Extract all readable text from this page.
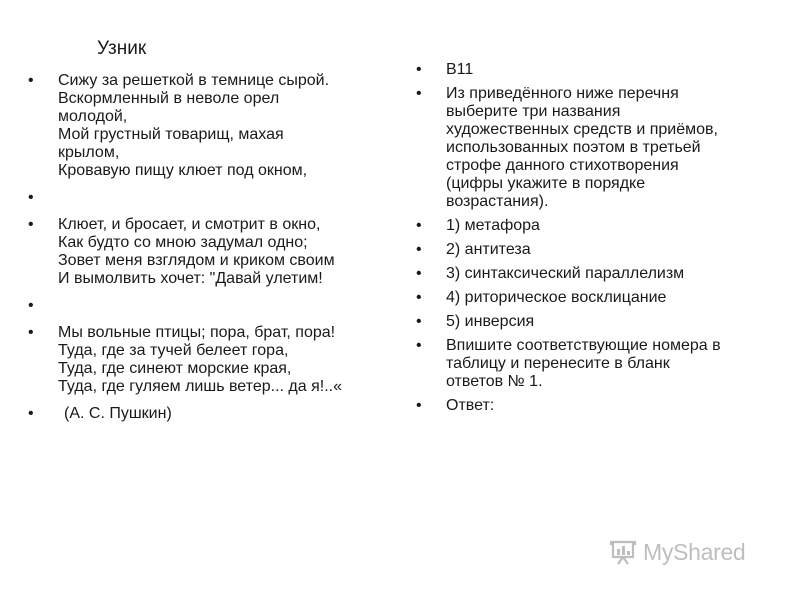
Узник
• Сижу за решеткой в темнице сырой.
Вскормленный в неволе орел
молодой,
Мой грустный товарищ, махая
крылом,
Кровавую пищу клюет под окном,
•
• Клюет, и бросает, и смотрит в окно,
Как будто со мною задумал одно;
Зовет меня взглядом и криком своим
И вымолвить хочет: "Давай улетим!
•
• Мы вольные птицы; пора, брат, пора!
Туда, где за тучей белеет гора,
Туда, где синеют морские края,
Туда, где гуляем лишь ветер... да я!..«
• (А. С. Пушкин)
• В11
• Из приведённого ниже перечня
выберите три названия
художественных средств и приёмов,
использованных поэтом в третьей
строфе данного стихотворения
(цифры укажите в порядке
возрастания).
• 1) метафора
• 2) антитеза
• 3) синтаксический параллелизм
• 4) риторическое восклицание
• 5) инверсия
• Впишите соответствующие номера в
таблицу и перенесите в бланк
ответов № 1.
• Ответ:
MyShared
